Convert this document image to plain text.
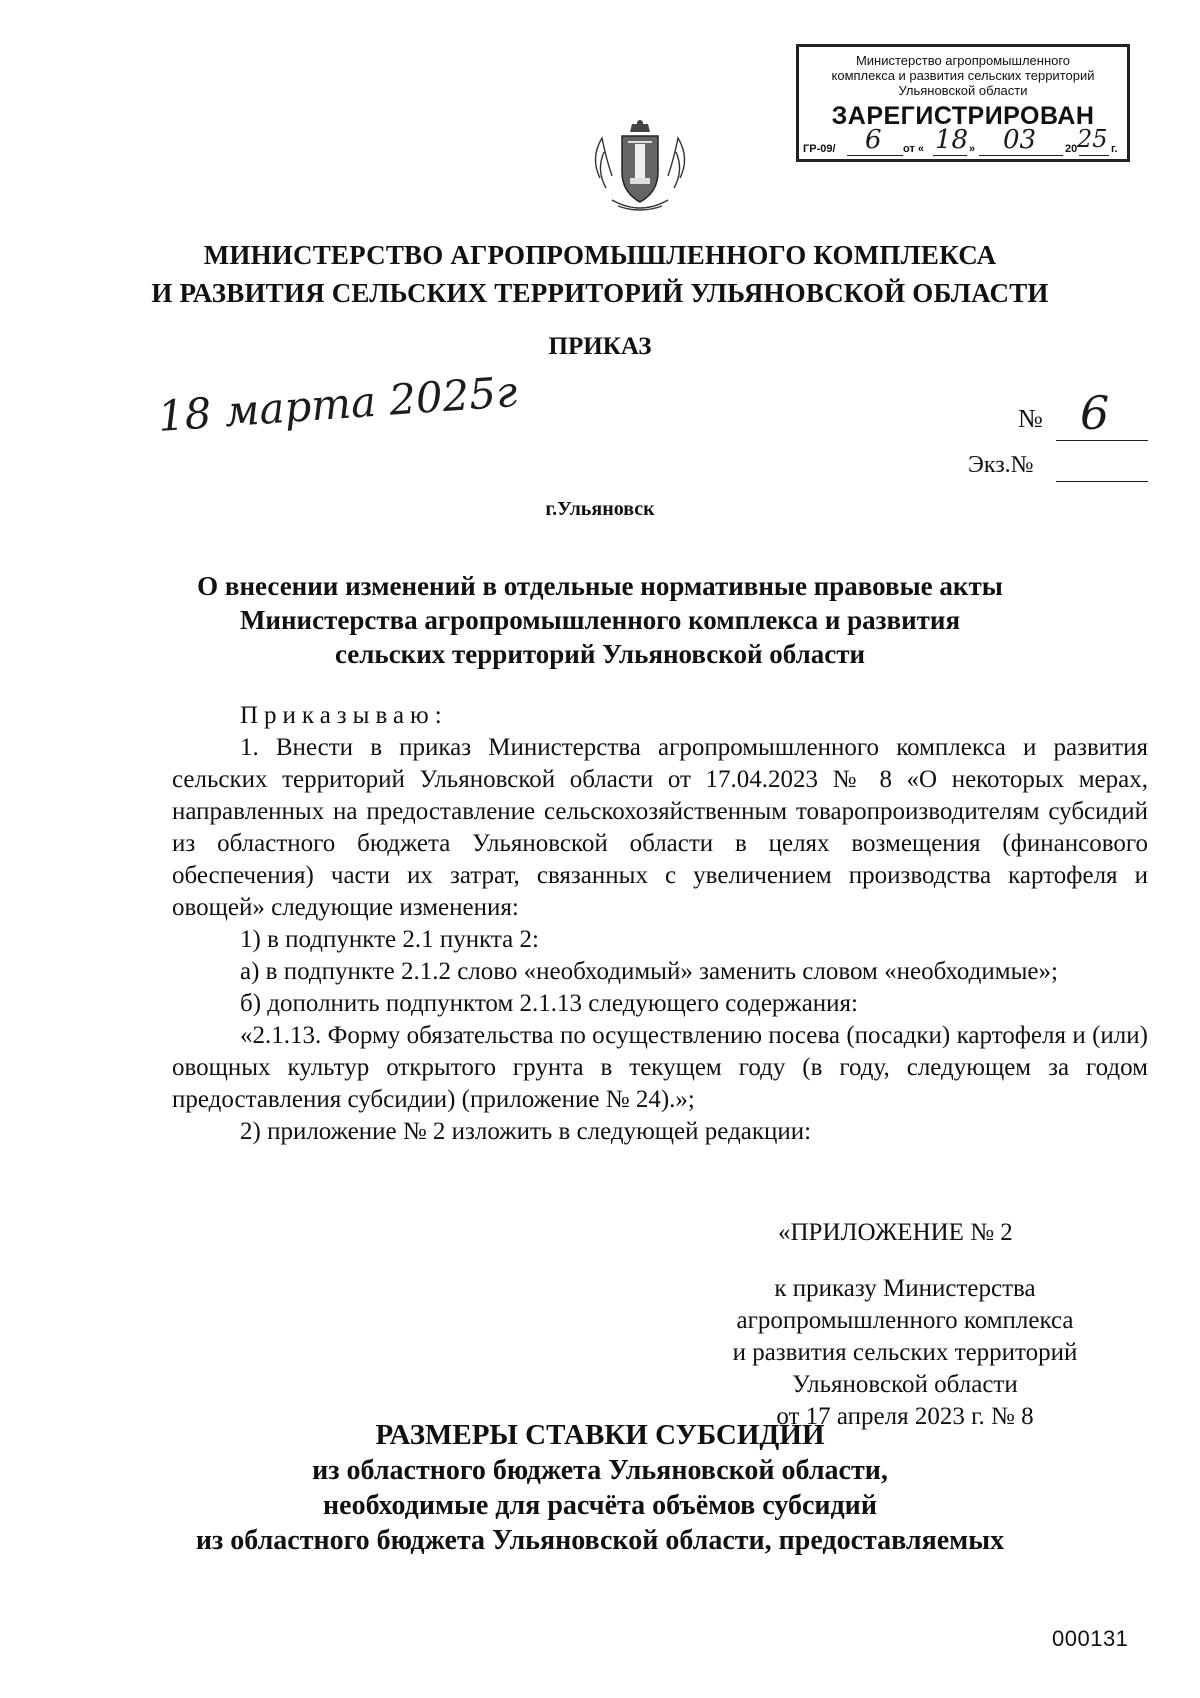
Министерство агропромышленного
комплекса и развития сельских территорий
Ульяновской области
ЗАРЕГИСТРИРОВАН
ГР-09/ 6 от « 18 » 03	20 25 г.
МИНИСТЕРСТВО АГРОПРОМЫШЛЕННОГО КОМПЛЕКСА
И РАЗВИТИЯ СЕЛЬСКИХ ТЕРРИТОРИЙ УЛЬЯНОВСКОЙ ОБЛАСТИ
ПРИКАЗ
18 марта 2025г	№ 6
Экз.№
г.Ульяновск
О внесении изменений в отдельные нормативные правовые акты
Министерства агропромышленного комплекса и развития
сельских территорий Ульяновской области

Приказываю:

1. Внести в приказ Министерства агропромышленного комплекса и развития сельских территорий Ульяновской области от 17.04.2023 № 8 «О некоторых мерах, направленных на предоставление сельскохозяйственным товаропроизводителям субсидий из областного бюджета Ульяновской области в целях возмещения (финансового обеспечения) части их затрат, связанных с увеличением производства картофеля и овощей» следующие изменения:

1) в подпункте 2.1 пункта 2:

а) в подпункте 2.1.2 слово «необходимый» заменить словом «необходимые»;

б) дополнить подпунктом 2.1.13 следующего содержания:

«2.1.13. Форму обязательства по осуществлению посева (посадки) картофеля и (или) овощных культур открытого грунта в текущем году (в году, следующем за годом предоставления субсидии) (приложение № 24).»;

2) приложение № 2 изложить в следующей редакции:

«ПРИЛОЖЕНИЕ № 2
к приказу Министерства
агропромышленного комплекса
и развития сельских территорий
Ульяновской области
от 17 апреля 2023 г. № 8
РАЗМЕРЫ СТАВКИ СУБСИДИИ
из областного бюджета Ульяновской области,
необходимые для расчёта объёмов субсидий
из областного бюджета Ульяновской области, предоставляемых
000131
